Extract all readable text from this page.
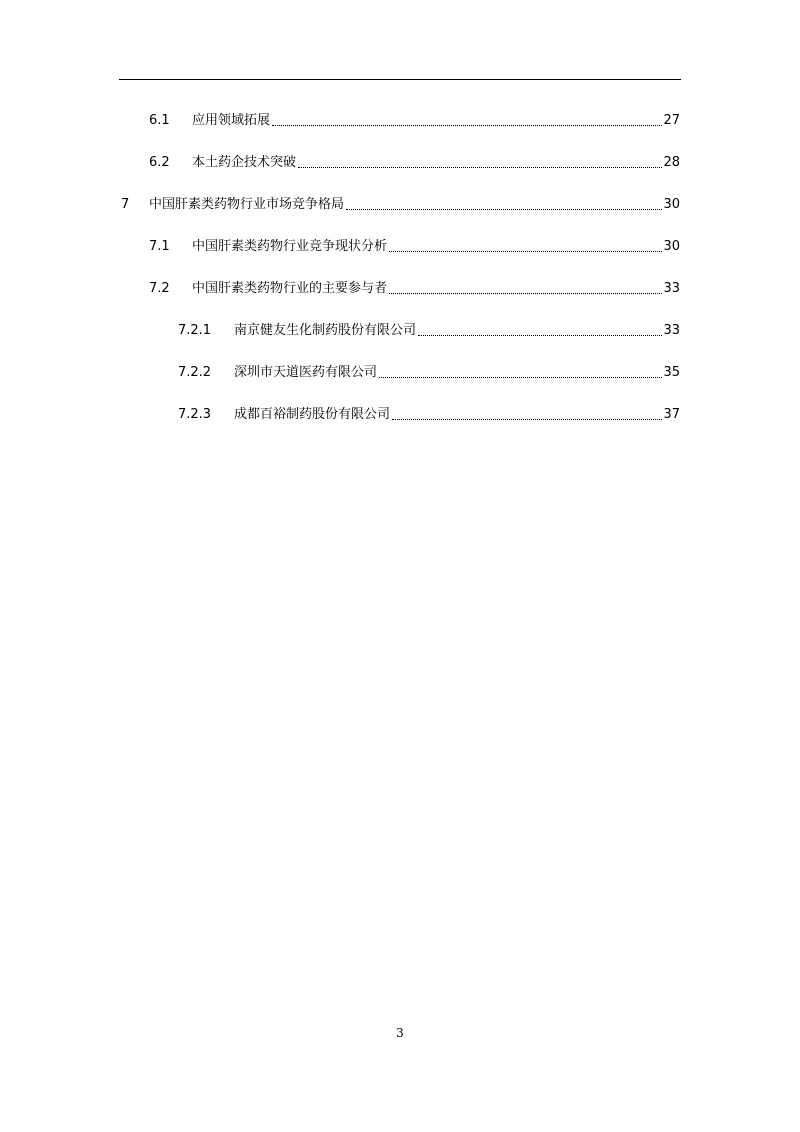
6.1	应用领域拓展	27
6.2	本土药企技术突破	28
7	中国肝素类药物行业市场竞争格局	30
7.1	中国肝素类药物行业竞争现状分析	30
7.2	中国肝素类药物行业的主要参与者	33
7.2.1	南京健友生化制药股份有限公司	33
7.2.2	深圳市天道医药有限公司	35
7.2.3	成都百裕制药股份有限公司	37
3
